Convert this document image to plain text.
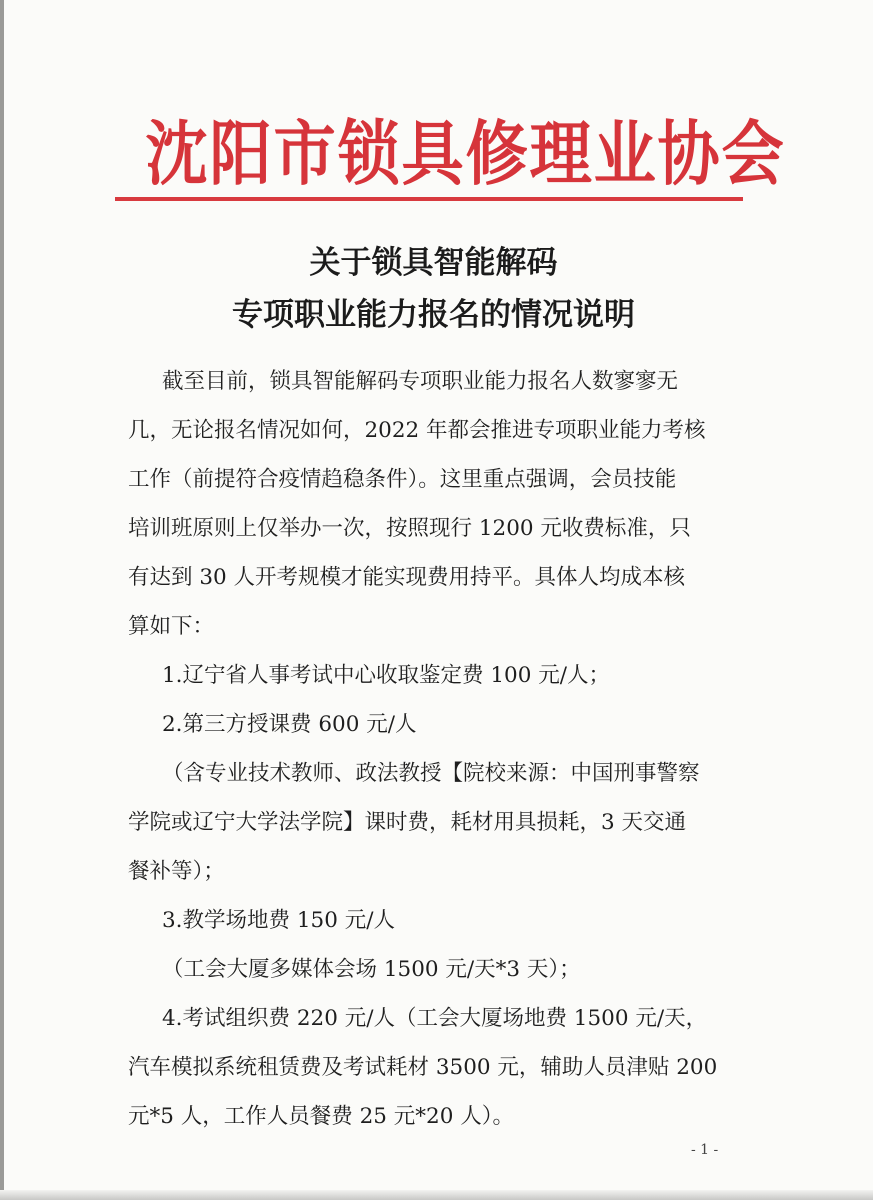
沈阳市锁具修理业协会
关于锁具智能解码
专项职业能力报名的情况说明
截至目前，锁具智能解码专项职业能力报名人数寥寥无
几，无论报名情况如何，2022 年都会推进专项职业能力考核
工作（前提符合疫情趋稳条件）。这里重点强调，会员技能
培训班原则上仅举办一次，按照现行 1200 元收费标准，只
有达到 30 人开考规模才能实现费用持平。具体人均成本核
算如下：
1.辽宁省人事考试中心收取鉴定费 100 元/人；
2.第三方授课费 600 元/人
（含专业技术教师、政法教授【院校来源：中国刑事警察
学院或辽宁大学法学院】课时费，耗材用具损耗，3 天交通
餐补等）；
3.教学场地费 150 元/人
（工会大厦多媒体会场 1500 元/天*3 天）；
4.考试组织费 220 元/人（工会大厦场地费 1500 元/天，
汽车模拟系统租赁费及考试耗材 3500 元，辅助人员津贴 200
元*5 人，工作人员餐费 25 元*20 人）。
- 1 -
